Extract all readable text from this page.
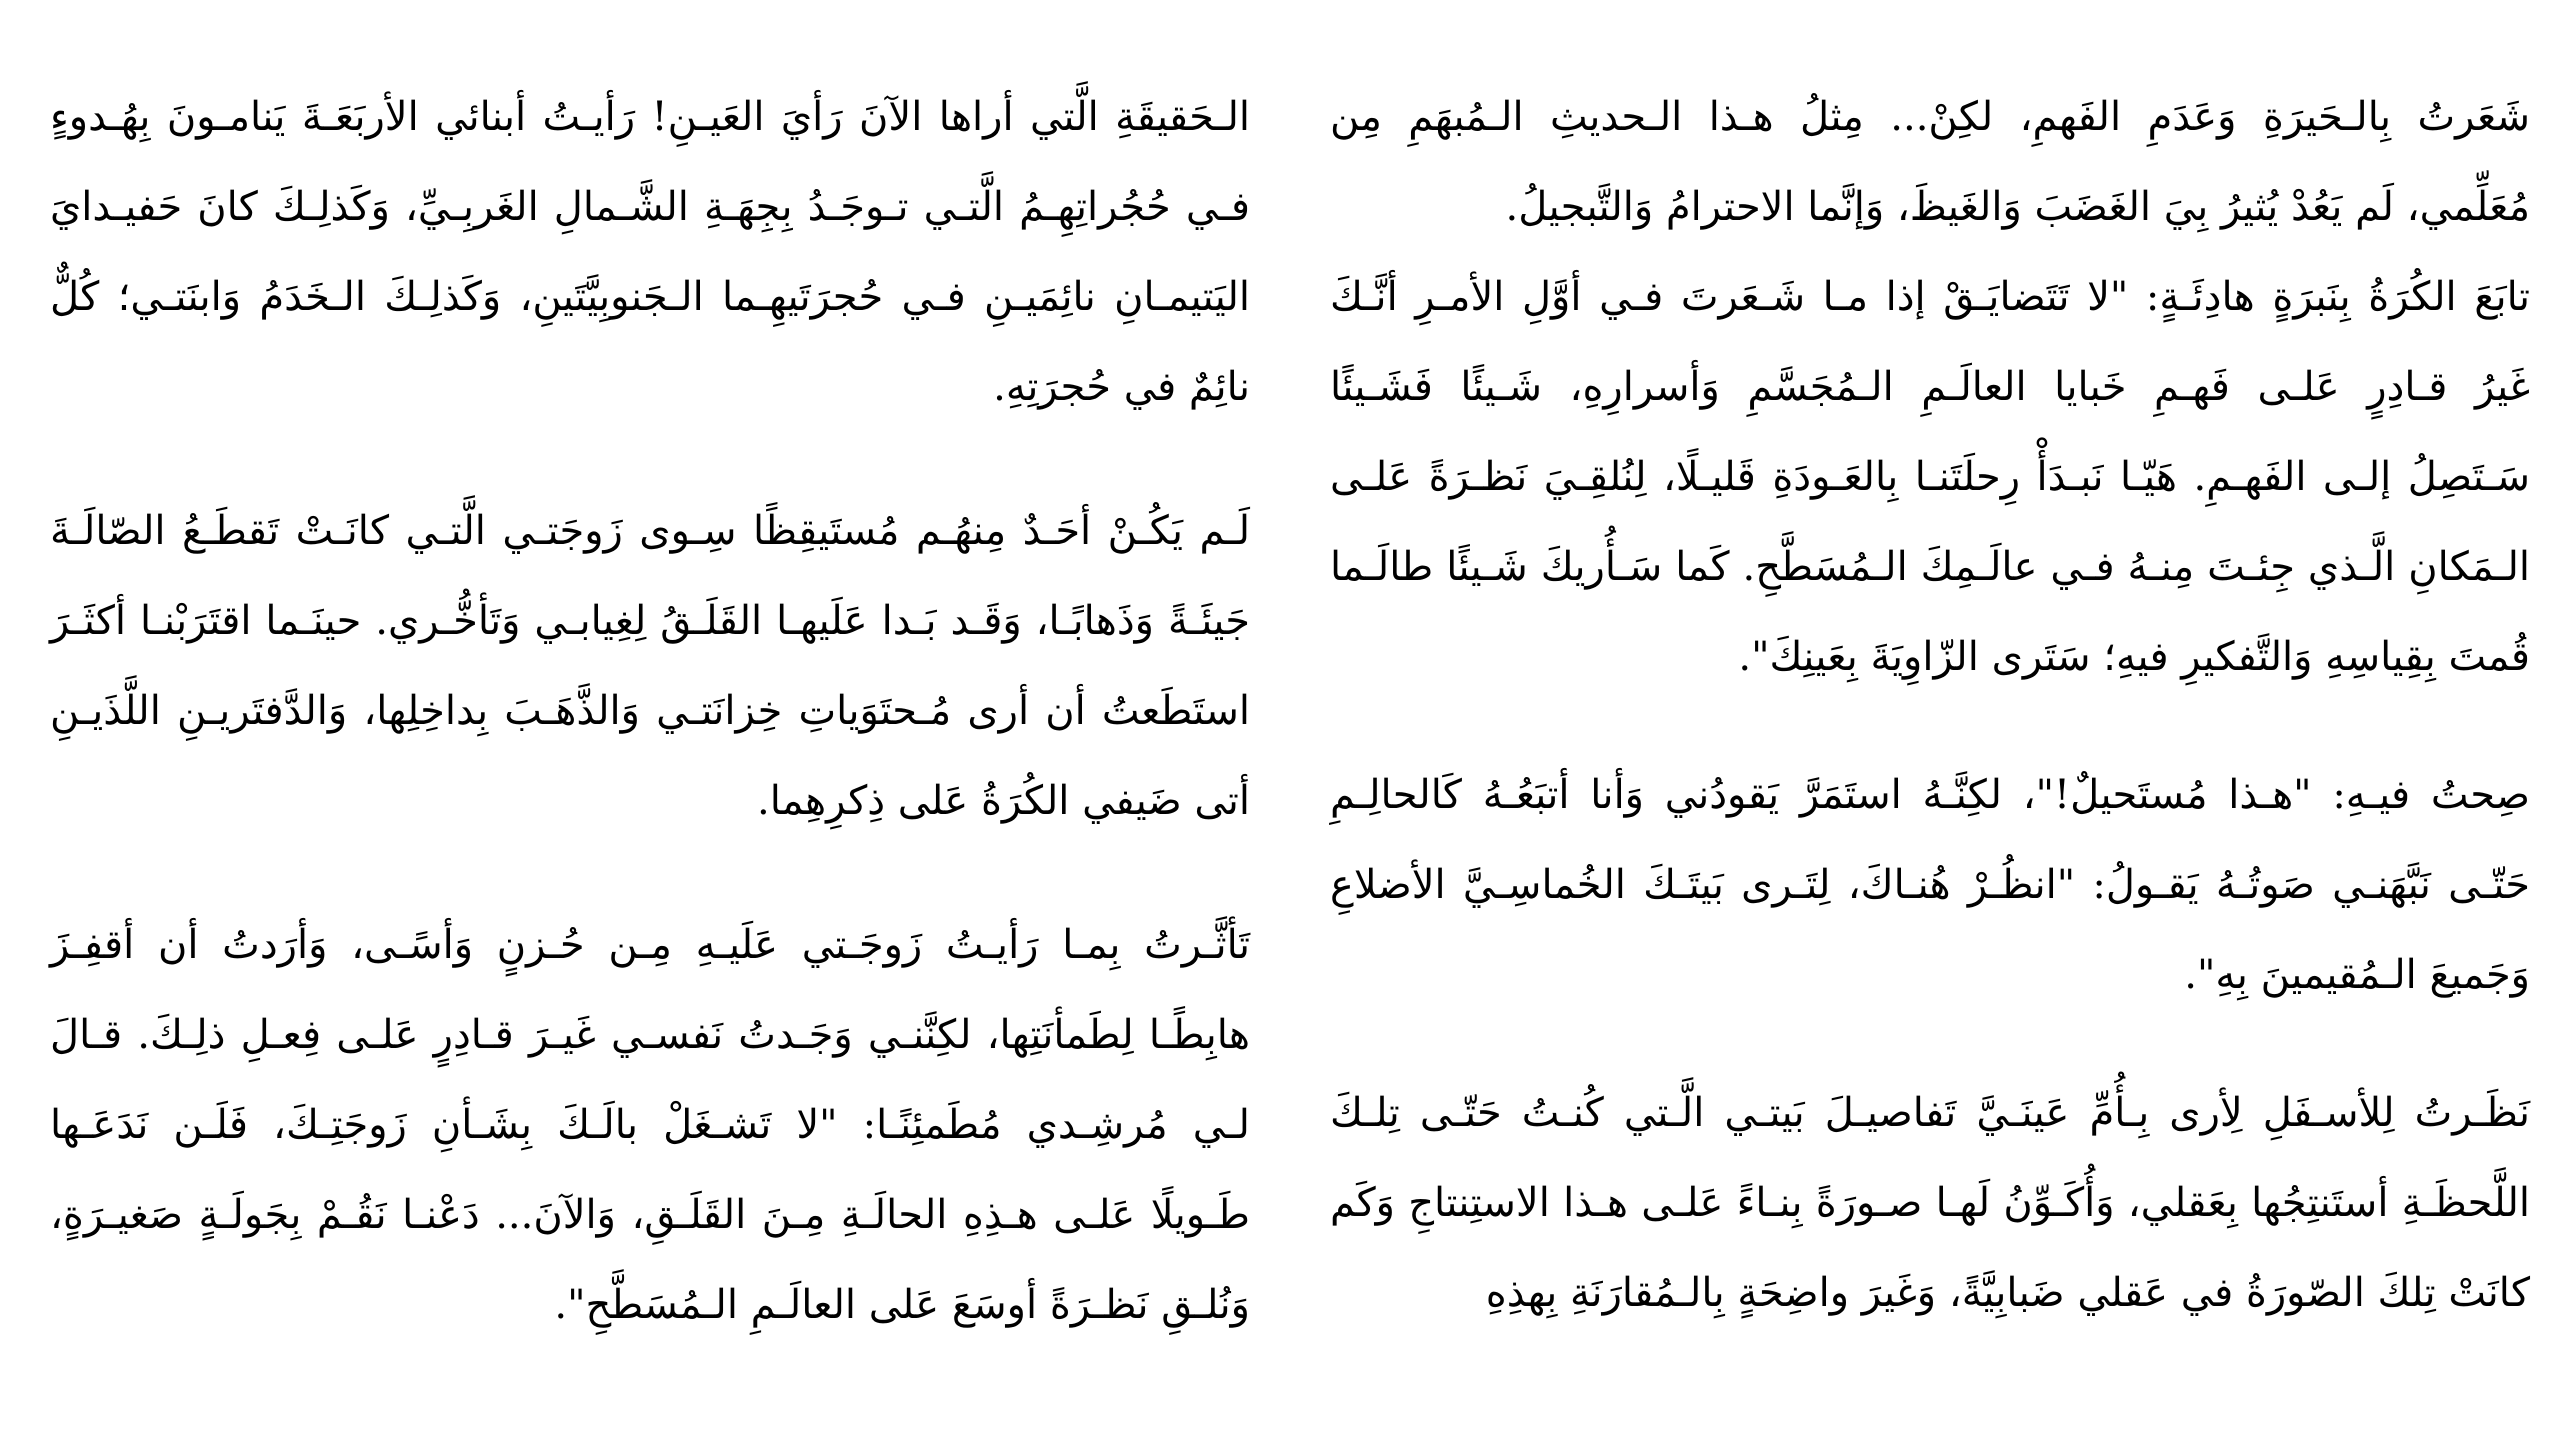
شَعَرتُ بِالـحَيرَةِ وَعَدَمِ الفَهمِ، لكِنْ... مِثلُ هـذا الـحديثِ الـمُبهَمِ مِن مُعَلِّمي، لَم يَعُدْ يُثيرُ بِيَ الغَضَبَ وَالغَيظَ، وَإنَّما الاحترامُ وَالتَّبجيلُ.

تابَعَ الكُرَةُ بِنَبرَةٍ هادِئَـةٍ: "لا تَتَضايَـقْ إذا مـا شَـعَرتَ فـي أوَّلِ الأمـرِ أنَّـكَ غَيرُ قـادِرٍ عَلـى فَهـمِ خَبايا العالَـمِ الـمُجَسَّمِ وَأسرارِهِ، شَـيئًا فَشَـيئًا سَـتَصِلُ إلـى الفَهـمِ. هَيّـا نَبـدَأْ رِحلَتَنـا بِالعَـودَةِ قَليـلًا، لِنُلقِـيَ نَظـرَةً عَلـى الـمَكانِ الَّـذي جِئـتَ مِنـهُ فـي عالَـمِكَ الـمُسَطَّحِ. كَما سَـأُريكَ شَـيئًا طالَـما قُمتَ بِقِياسِهِ وَالتَّفكيرِ فيهِ؛ سَتَرى الزّاوِيَةَ بِعَينِكَ".

صِحتُ فيـهِ: "هـذا مُستَحيلٌ!"، لكِنَّـهُ استَمَرَّ يَقودُني وَأنا أتبَعُـهُ كَالحالِـمِ حَتّـى نَبَّهَنـي صَوتُـهُ يَقـولُ: "انظُـرْ هُنـاكَ، لِتَـرى بَيتَـكَ الخُماسِـيَّ الأضلاعِ وَجَميعَ الـمُقيمينَ بِهِ".

نَظَـرتُ لِلأسـفَلِ لِأرى بِـأُمِّ عَينَـيَّ تَفاصيـلَ بَيتـي الَّـتي كُنـتُ حَتّـى تِلـكَ اللَّحظَـةِ أستَنتِجُها بِعَقلي، وَأُكَـوِّنُ لَهـا صـورَةً بِنـاءً عَلـى هـذا الاستِنتاجِ وَكَم كانَتْ تِلكَ الصّورَةُ في عَقلي ضَبابِيَّةً، وَغَيرَ واضِحَةٍ بِالـمُقارَنَةِ بِهذِهِ

الـحَقيقَةِ الَّتي أراها الآنَ رَأيَ العَيـنِ! رَأيـتُ أبنائي الأربَعَـةَ يَنامـونَ بِهُـدوءٍ فـي حُجُراتِهِـمُ الَّتـي تـوجَـدُ بِجِهَـةِ الشَّـمالِ الغَربِـيِّ، وَكَذلِـكَ كانَ حَفيـدايَ اليَتيمـانِ نائِمَيـنِ فـي حُجرَتَيهِـما الـجَنوبِيَّتَينِ، وَكَذلِـكَ الـخَدَمُ وَابنَتـي؛ كُلٌّ نائِمٌ في حُجرَتِهِ.

لَـم يَكُـنْ أحَـدٌ مِنهُـم مُستَيقِظًا سِـوى زَوجَتـي الَّتـي كانَـتْ تَقطَـعُ الصّالَـةَ جَيئَـةً وَذَهابًـا، وَقَـد بَـدا عَلَيهـا القَلَـقُ لِغِيابـي وَتَأخُّـري. حينَـما اقتَرَبْنـا أكثَـرَ استَطَعتُ أن أرى مُـحتَوَياتِ خِزانَتـي وَالذَّهَـبَ بِداخِلِها، وَالدَّفتَريـنِ اللَّذَيـنِ أتى ضَيفي الكُرَةُ عَلى ذِكرِهِما.

تَأثَّـرتُ بِمـا رَأيـتُ زَوجَـتي عَلَيـهِ مِـن حُـزنٍ وَأسًـى، وَأرَدتُ أن أقفِـزَ هابِطًـا لِطَمأنَتِها، لكِنَّنـي وَجَـدتُ نَفسـي غَيـرَ قـادِرٍ عَلـى فِعـلِ ذلِـكَ. قـالَ لـي مُرشِـدي مُطَمئِنًـا: "لا تَشـغَلْ بالَـكَ بِشَـأنِ زَوجَتِـكَ، فَلَـن نَدَعَـها طَـويلًا عَلـى هـذِهِ الحالَـةِ مِـنَ القَلَـقِ، وَالآنَ... دَعْنـا نَقُـمْ بِجَولَـةٍ صَغيـرَةٍ، وَنُلـقِ نَظـرَةً أوسَعَ عَلى العالَـمِ الـمُسَطَّحِ".
